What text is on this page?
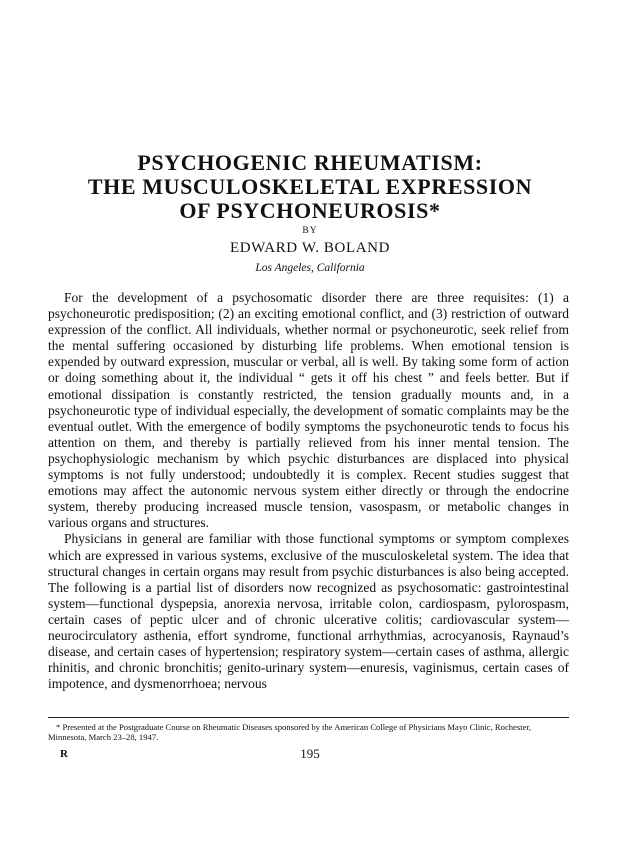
PSYCHOGENIC RHEUMATISM:
THE MUSCULOSKELETAL EXPRESSION
OF PSYCHONEUROSIS*
BY
EDWARD W. BOLAND
Los Angeles, California

For the development of a psychosomatic disorder there are three requisites: (1) a psychoneurotic predisposition; (2) an exciting emotional conflict, and (3) restriction of outward expression of the conflict. All individuals, whether normal or psychoneurotic, seek relief from the mental suffering occasioned by disturbing life problems. When emotional tension is expended by outward expression, muscular or verbal, all is well. By taking some form of action or doing something about it, the individual “ gets it off his chest ” and feels better. But if emotional dissipation is constantly restricted, the tension gradually mounts and, in a psychoneurotic type of individual especially, the development of somatic complaints may be the eventual outlet. With the emergence of bodily symptoms the psychoneurotic tends to focus his attention on them, and thereby is partially relieved from his inner mental tension. The psychophysiologic mechanism by which psychic disturbances are displaced into physical symptoms is not fully understood; undoubtedly it is complex. Recent studies suggest that emotions may affect the autonomic nervous system either directly or through the endocrine system, thereby producing increased muscle tension, vasospasm, or metabolic changes in various organs and structures.

Physicians in general are familiar with those functional symptoms or symptom complexes which are expressed in various systems, exclusive of the musculoskeletal system. The idea that structural changes in certain organs may result from psychic disturbances is also being accepted. The following is a partial list of disorders now recognized as psychosomatic: gastrointestinal system—functional dyspepsia, anorexia nervosa, irritable colon, cardiospasm, pylorospasm, certain cases of peptic ulcer and of chronic ulcerative colitis; cardiovascular system—neurocirculatory asthenia, effort syndrome, functional arrhythmias, acrocyanosis, Raynaud’s disease, and certain cases of hypertension; respiratory system—certain cases of asthma, allergic rhinitis, and chronic bronchitis; genito-urinary system—enuresis, vaginismus, certain cases of impotence, and dysmenorrhoea; nervous

* Presented at the Postgraduate Course on Rheumatic Diseases sponsored by the American College of Physicians Mayo Clinic, Rochester, Minnesota, March 23–28, 1947.
R	195
